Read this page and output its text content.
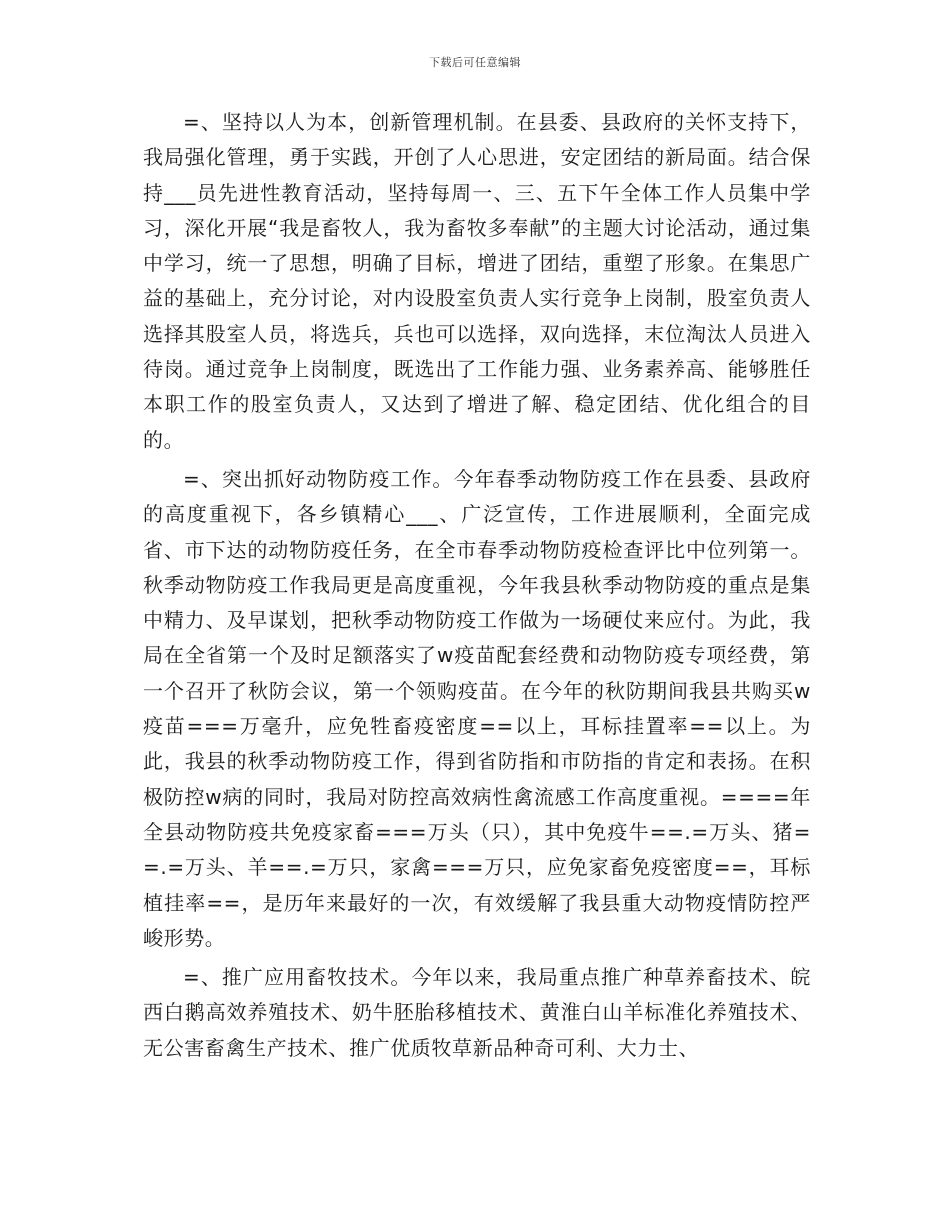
下载后可任意编辑

=、坚持以人为本，创新管理机制。在县委、县政府的关怀支持下，我局强化管理，勇于实践，开创了人心思进，安定团结的新局面。结合保持___员先进性教育活动，坚持每周一、三、五下午全体工作人员集中学习，深化开展“我是畜牧人，我为畜牧多奉献”的主题大讨论活动，通过集中学习，统一了思想，明确了目标，增进了团结，重塑了形象。在集思广益的基础上，充分讨论，对内设股室负责人实行竞争上岗制，股室负责人选择其股室人员，将选兵，兵也可以选择，双向选择，末位淘汰人员进入待岗。通过竞争上岗制度，既选出了工作能力强、业务素养高、能够胜任本职工作的股室负责人，又达到了增进了解、稳定团结、优化组合的目的。

=、突出抓好动物防疫工作。今年春季动物防疫工作在县委、县政府的高度重视下，各乡镇精心___、广泛宣传，工作进展顺利，全面完成省、市下达的动物防疫任务，在全市春季动物防疫检查评比中位列第一。秋季动物防疫工作我局更是高度重视，今年我县秋季动物防疫的重点是集中精力、及早谋划，把秋季动物防疫工作做为一场硬仗来应付。为此，我局在全省第一个及时足额落实了w疫苗配套经费和动物防疫专项经费，第一个召开了秋防会议，第一个领购疫苗。在今年的秋防期间我县共购买w疫苗===万毫升，应免牲畜疫密度==以上，耳标挂置率==以上。为此，我县的秋季动物防疫工作，得到省防指和市防指的肯定和表扬。在积极防控w病的同时，我局对防控高效病性禽流感工作高度重视。====年全县动物防疫共免疫家畜===万头（只），其中免疫牛==.=万头、猪==.=万头、羊==.=万只，家禽===万只，应免家畜免疫密度==，耳标植挂率==，是历年来最好的一次，有效缓解了我县重大动物疫情防控严峻形势。

=、推广应用畜牧技术。今年以来，我局重点推广种草养畜技术、皖西白鹅高效养殖技术、奶牛胚胎移植技术、黄淮白山羊标准化养殖技术、无公害畜禽生产技术、推广优质牧草新品种奇可利、大力士、
